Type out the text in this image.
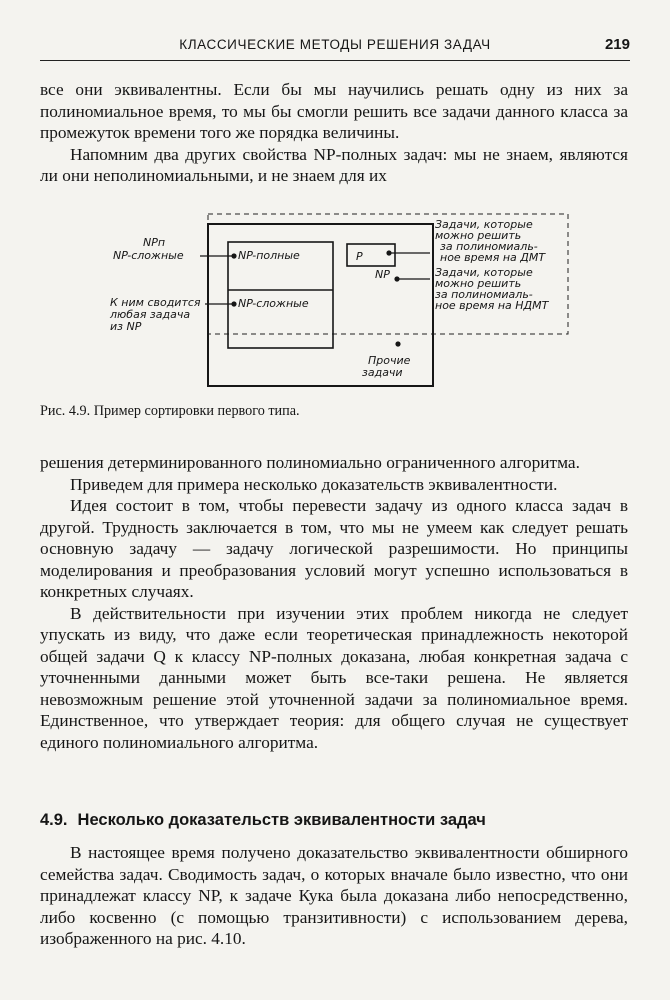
КЛАССИЧЕСКИЕ МЕТОДЫ РЕШЕНИЯ ЗАДАЧ	219

все они эквивалентны. Если бы мы научились решать одну из них за полиномиальное время, то мы бы смогли решить все задачи данного класса за промежуток времени того же порядка величины.

Напомним два других свойства NP-полных задач: мы не знаем, являются ли они неполиномиальными, и не знаем для их

NP-полные
NP-сложные
P
NP
NPп
NP-сложные
К ним сводится
любая задача
из NP
Задачи, которые
можно решить
за полиномиаль-
ное время на ДМТ
Задачи, которые
можно решить
за полиномиаль-
ное время на НДМТ
Прочие
задачи
Рис. 4.9. Пример сортировки первого типа.

решения детерминированного полиномиально ограниченного алгоритма.

Приведем для примера несколько доказательств эквивалентности.

Идея состоит в том, чтобы перевести задачу из одного класса задач в другой. Трудность заключается в том, что мы не умеем как следует решать основную задачу — задачу логической разрешимости. Но принципы моделирования и преобразования условий могут успешно использоваться в конкретных случаях.

В действительности при изучении этих проблем никогда не следует упускать из виду, что даже если теоретическая принадлежность некоторой общей задачи Q к классу NP-полных доказана, любая конкретная задача с уточненными данными может быть все-таки решена. Не является невозможным решение этой уточненной задачи за полиномиальное время. Единственное, что утверждает теория: для общего случая не существует единого полиномиального алгоритма.

4.9. Несколько доказательств эквивалентности задач

В настоящее время получено доказательство эквивалентности обширного семейства задач. Сводимость задач, о которых вначале было известно, что они принадлежат классу NP, к задаче Кука была доказана либо непосредственно, либо косвенно (с помощью транзитивности) с использованием дерева, изображенного на рис. 4.10.
